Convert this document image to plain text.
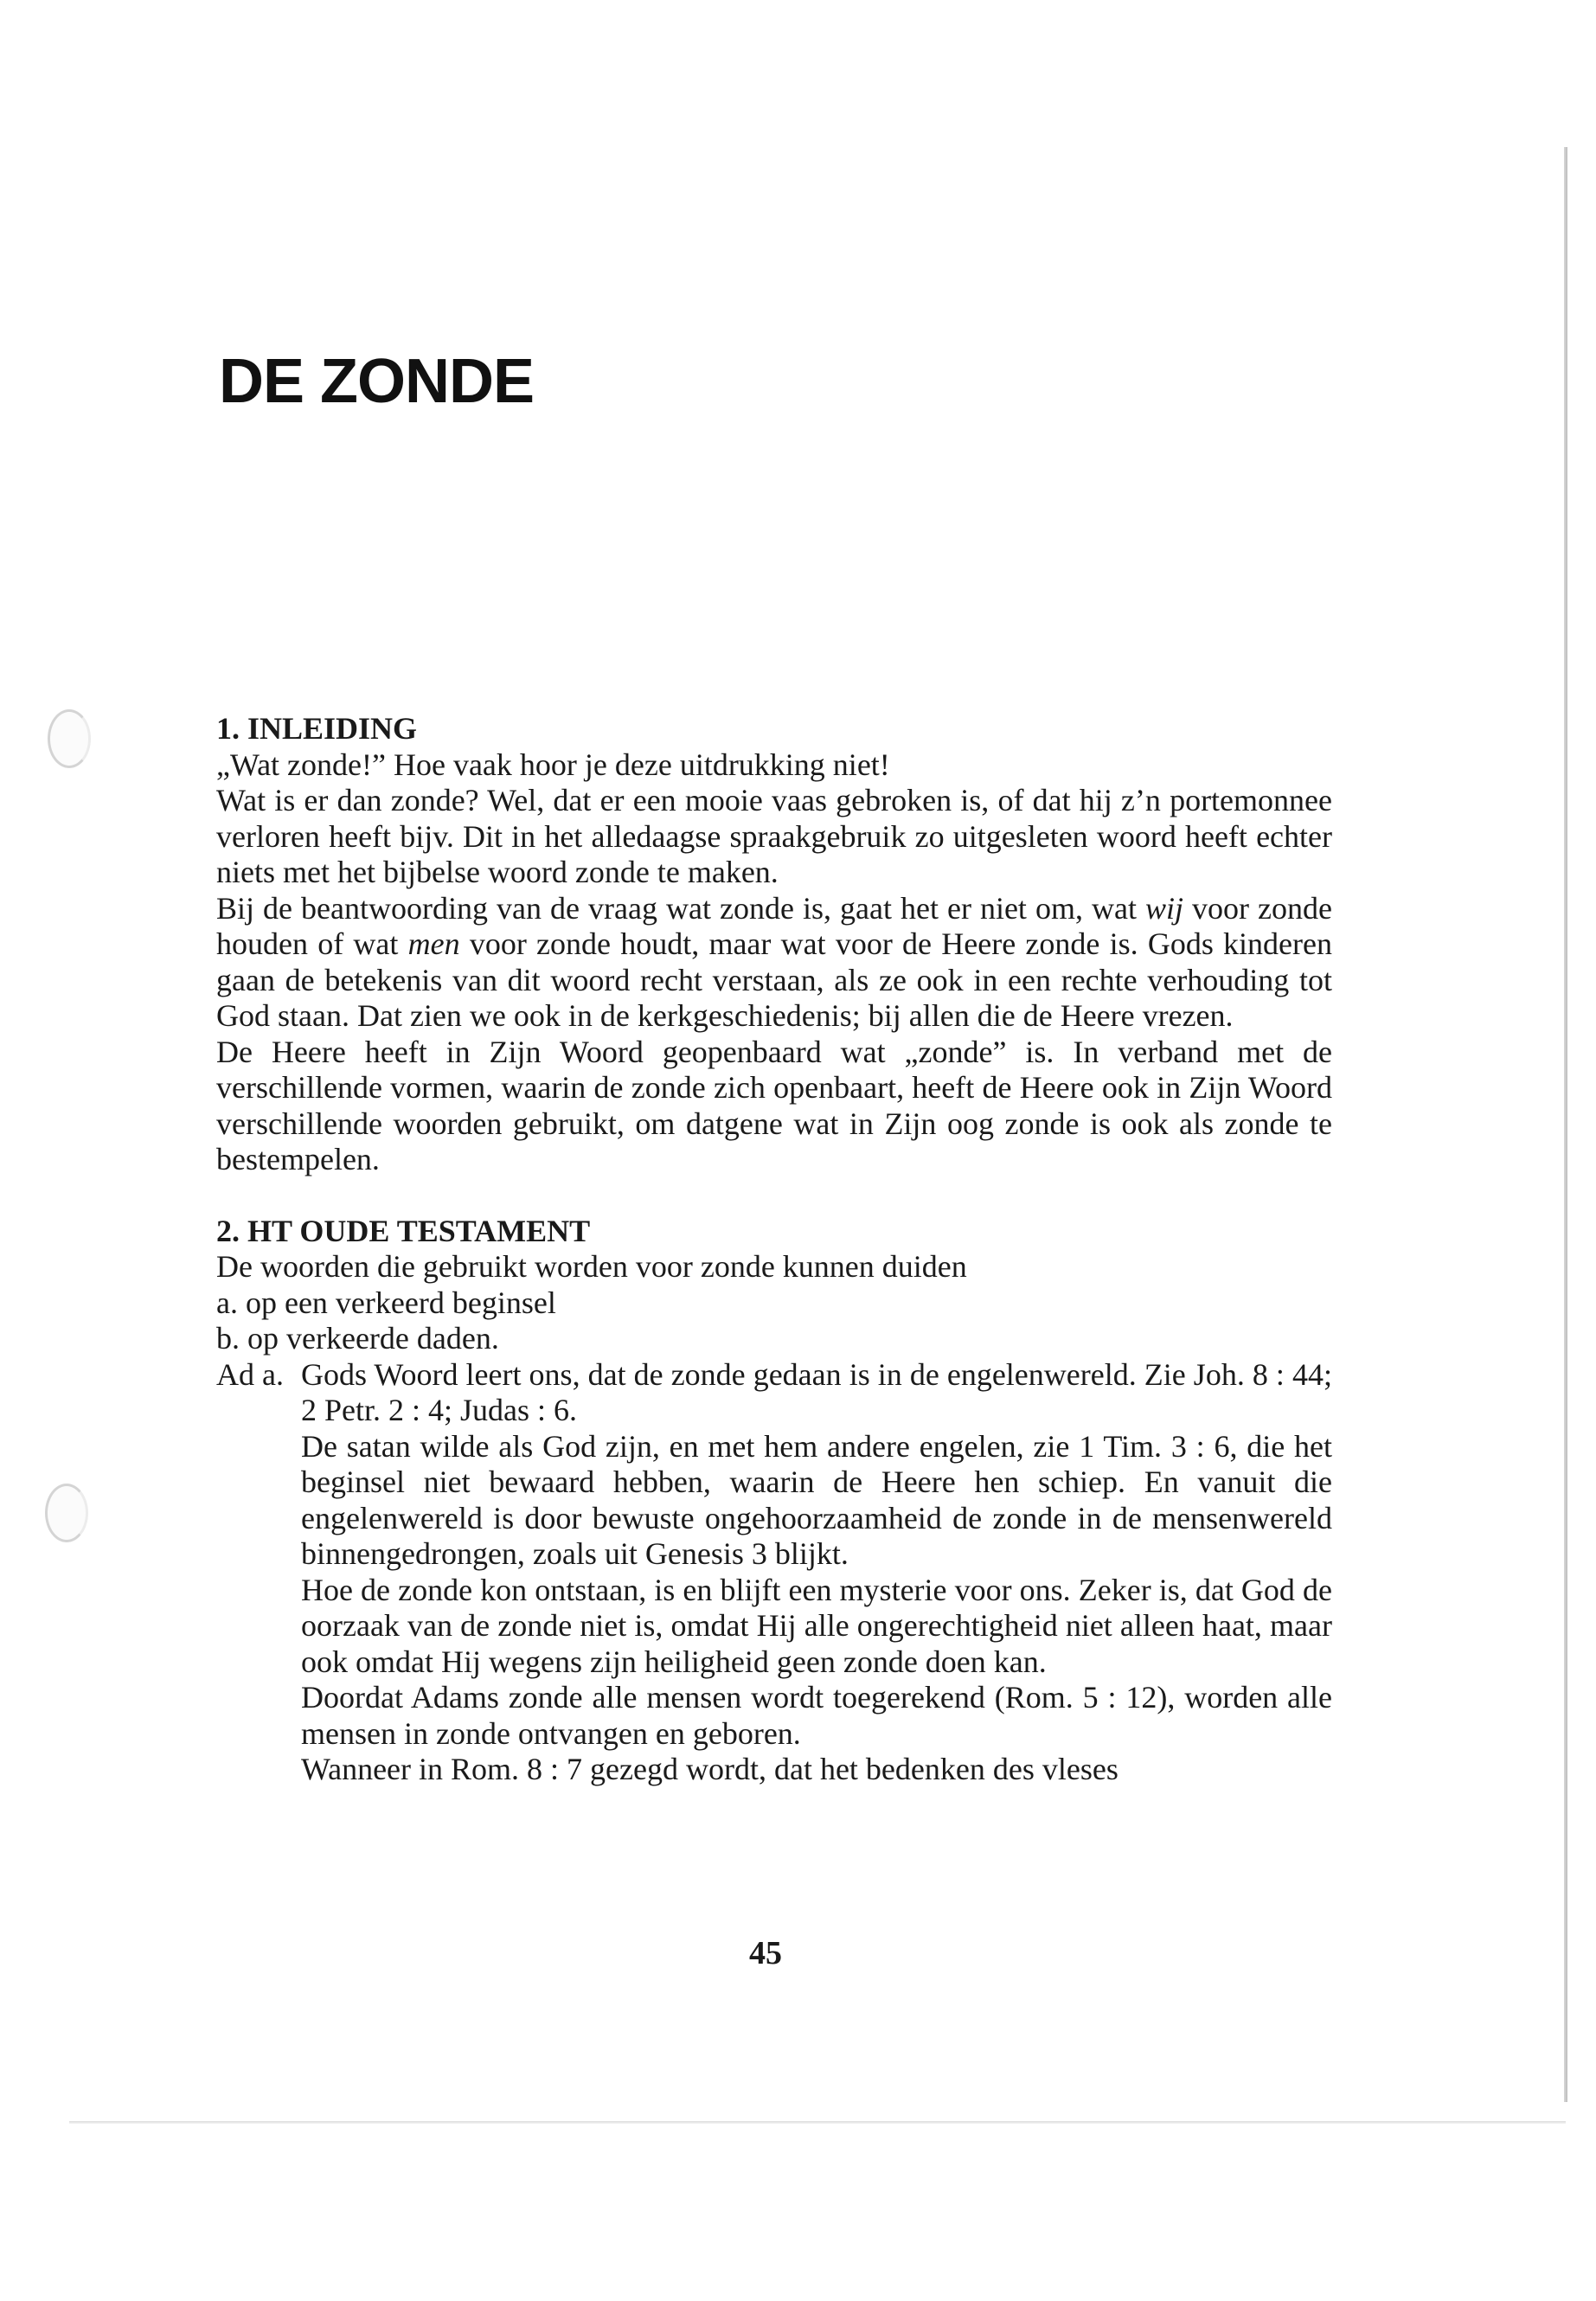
DE ZONDE

1. INLEIDING

„Wat zonde!” Hoe vaak hoor je deze uitdrukking niet!

Wat is er dan zonde? Wel, dat er een mooie vaas gebroken is, of dat hij z’n portemonnee verloren heeft bijv. Dit in het alledaagse spraakgebruik zo uitgesleten woord heeft echter niets met het bijbelse woord zonde te maken.

Bij de beantwoording van de vraag wat zonde is, gaat het er niet om, wat wij voor zonde houden of wat men voor zonde houdt, maar wat voor de Heere zonde is. Gods kinderen gaan de betekenis van dit woord recht verstaan, als ze ook in een rechte verhouding tot God staan. Dat zien we ook in de kerkgeschiedenis; bij allen die de Heere vrezen.

De Heere heeft in Zijn Woord geopenbaard wat „zonde” is. In verband met de verschillende vormen, waarin de zonde zich openbaart, heeft de Heere ook in Zijn Woord verschillende woorden gebruikt, om datgene wat in Zijn oog zonde is ook als zonde te bestempelen.

2. HT OUDE TESTAMENT

De woorden die gebruikt worden voor zonde kunnen duiden

a. op een verkeerd beginsel

b. op verkeerde daden.

Ad a. Gods Woord leert ons, dat de zonde gedaan is in de engelenwereld. Zie Joh. 8 : 44; 2 Petr. 2 : 4; Judas : 6.

De satan wilde als God zijn, en met hem andere engelen, zie 1 Tim. 3 : 6, die het beginsel niet bewaard hebben, waarin de Heere hen schiep. En vanuit die engelenwereld is door bewuste ongehoorzaamheid de zonde in de mensenwereld binnengedrongen, zoals uit Genesis 3 blijkt.

Hoe de zonde kon ontstaan, is en blijft een mysterie voor ons. Zeker is, dat God de oorzaak van de zonde niet is, omdat Hij alle ongerechtigheid niet alleen haat, maar ook omdat Hij wegens zijn heiligheid geen zonde doen kan.

Doordat Adams zonde alle mensen wordt toegerekend (Rom. 5 : 12), worden alle mensen in zonde ontvangen en geboren.

Wanneer in Rom. 8 : 7 gezegd wordt, dat het bedenken des vleses

45
